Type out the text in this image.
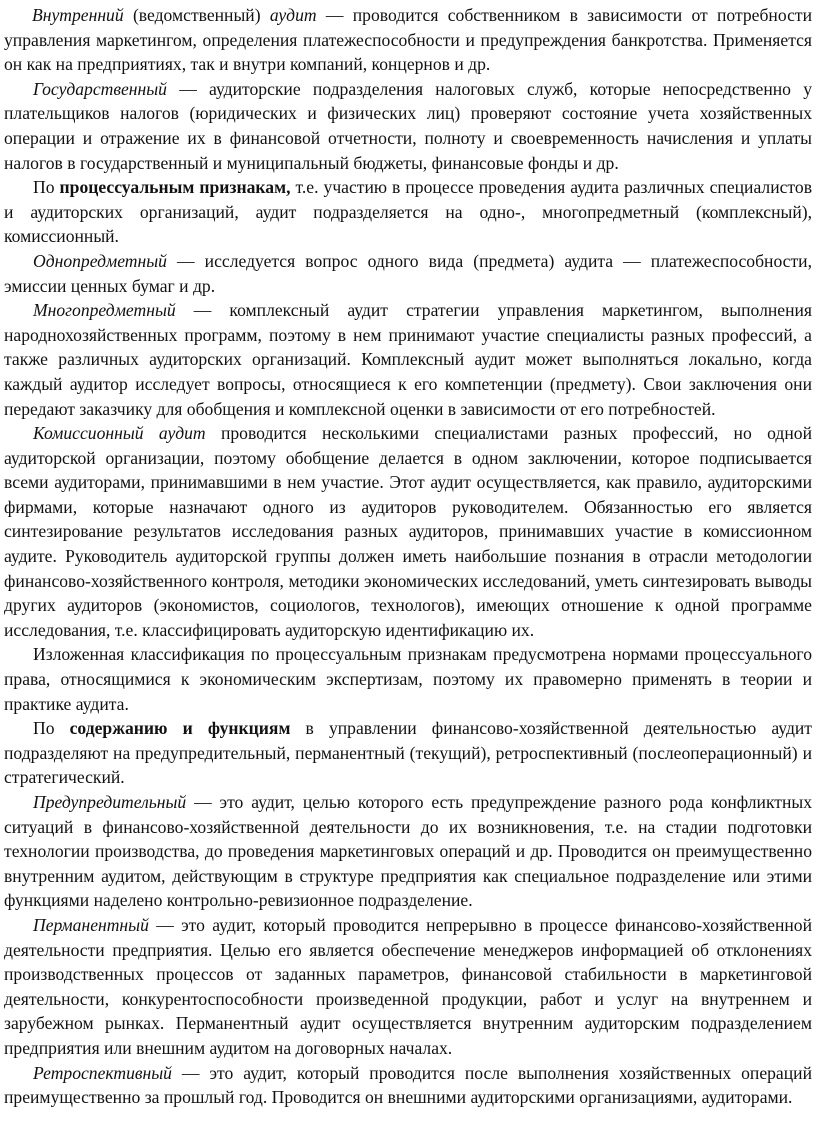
Внутренний (ведомственный) аудит — проводится собственником в зависимости от потребности управления маркетингом, определения платежеспособности и предупреждения банкротства. Применяется он как на предприятиях, так и внутри компаний, концернов и др.

Государственный — аудиторские подразделения налоговых служб, которые непосредственно у плательщиков налогов (юридических и физических лиц) проверяют состояние учета хозяйственных операции и отражение их в финансовой отчетности, полноту и своевременность начисления и уплаты налогов в государственный и муниципальный бюджеты, финансовые фонды и др.

По процессуальным признакам, т.е. участию в процессе проведения аудита различных специалистов и аудиторских организаций, аудит подразделяется на одно-, многопредметный (комплексный), комиссионный.

Однопредметный — исследуется вопрос одного вида (предмета) аудита — платежеспособности, эмиссии ценных бумаг и др.

Многопредметный — комплексный аудит стратегии управления маркетингом, выполнения народнохозяйственных программ, поэтому в нем принимают участие специалисты разных профессий, а также различных аудиторских организаций. Комплексный аудит может выполняться локально, когда каждый аудитор исследует вопросы, относящиеся к его компетенции (предмету). Свои заключения они передают заказчику для обобщения и комплексной оценки в зависимости от его потребностей.

Комиссионный аудит проводится несколькими специалистами разных профессий, но одной аудиторской организации, поэтому обобщение делается в одном заключении, которое подписывается всеми аудиторами, принимавшими в нем участие. Этот аудит осуществляется, как правило, аудиторскими фирмами, которые назначают одного из аудиторов руководителем. Обязанностью его является синтезирование результатов исследования разных аудиторов, принимавших участие в комиссионном аудите. Руководитель аудиторской группы должен иметь наибольшие познания в отрасли методологии финансово-хозяйственного контроля, методики экономических исследований, уметь синтезировать выводы других аудиторов (экономистов, социологов, технологов), имеющих отношение к одной программе исследования, т.е. классифицировать аудиторскую идентификацию их.

Изложенная классификация по процессуальным признакам предусмотрена нормами процессуального права, относящимися к экономическим экспертизам, поэтому их правомерно применять в теории и практике аудита.

По содержанию и функциям в управлении финансово-хозяйственной деятельностью аудит подразделяют на предупредительный, перманентный (текущий), ретроспективный (послеоперационный) и стратегический.

Предупредительный — это аудит, целью которого есть предупреждение разного рода конфликтных ситуаций в финансово-хозяйственной деятельности до их возникновения, т.е. на стадии подготовки технологии производства, до проведения маркетинговых операций и др. Проводится он преимущественно внутренним аудитом, действующим в структуре предприятия как специальное подразделение или этими функциями наделено контрольно-ревизионное подразделение.

Перманентный — это аудит, который проводится непрерывно в процессе финансово-хозяйственной деятельности предприятия. Целью его является обеспечение менеджеров информацией об отклонениях производственных процессов от заданных параметров, финансовой стабильности в маркетинговой деятельности, конкурентоспособности произведенной продукции, работ и услуг на внутреннем и зарубежном рынках. Перманентный аудит осуществляется внутренним аудиторским подразделением предприятия или внешним аудитом на договорных началах.

Ретроспективный — это аудит, который проводится после выполнения хозяйственных операций преимущественно за прошлый год. Проводится он внешними аудиторскими организациями, аудиторами.
